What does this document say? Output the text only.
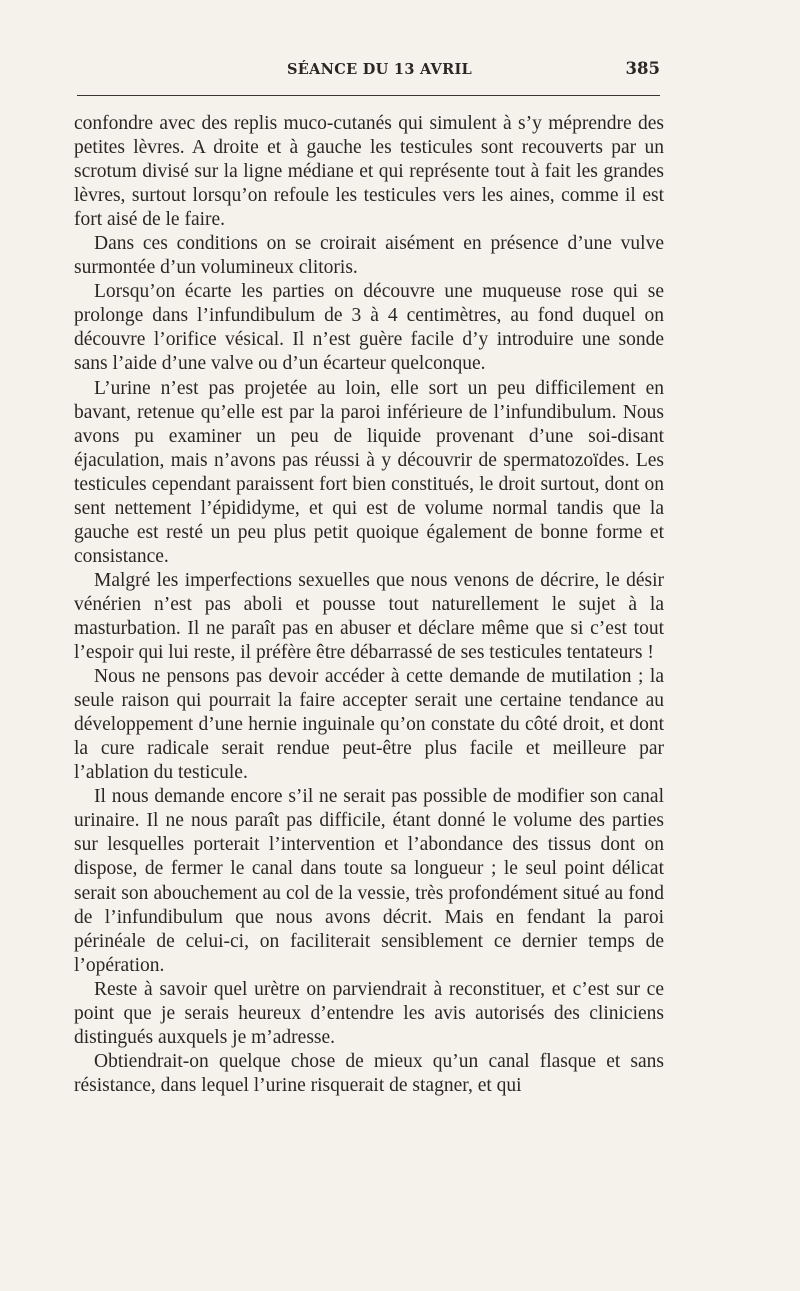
SÉANCE DU 13 AVRIL	385

confondre avec des replis muco-cutanés qui simulent à s’y méprendre des petites lèvres. A droite et à gauche les testicules sont recouverts par un scrotum divisé sur la ligne médiane et qui représente tout à fait les grandes lèvres, surtout lorsqu’on refoule les testicules vers les aines, comme il est fort aisé de le faire.

Dans ces conditions on se croirait aisément en présence d’une vulve surmontée d’un volumineux clitoris.

Lorsqu’on écarte les parties on découvre une muqueuse rose qui se prolonge dans l’infundibulum de 3 à 4 centimètres, au fond duquel on découvre l’orifice vésical. Il n’est guère facile d’y introduire une sonde sans l’aide d’une valve ou d’un écarteur quelconque.

L’urine n’est pas projetée au loin, elle sort un peu difficilement en bavant, retenue qu’elle est par la paroi inférieure de l’infundibulum. Nous avons pu examiner un peu de liquide provenant d’une soi-disant éjaculation, mais n’avons pas réussi à y découvrir de spermatozoïdes. Les testicules cependant paraissent fort bien constitués, le droit surtout, dont on sent nettement l’épididyme, et qui est de volume normal tandis que la gauche est resté un peu plus petit quoique également de bonne forme et consistance.

Malgré les imperfections sexuelles que nous venons de décrire, le désir vénérien n’est pas aboli et pousse tout naturellement le sujet à la masturbation. Il ne paraît pas en abuser et déclare même que si c’est tout l’espoir qui lui reste, il préfère être débarrassé de ses testicules tentateurs !

Nous ne pensons pas devoir accéder à cette demande de mutilation ; la seule raison qui pourrait la faire accepter serait une certaine tendance au développement d’une hernie inguinale qu’on constate du côté droit, et dont la cure radicale serait rendue peut-être plus facile et meilleure par l’ablation du testicule.

Il nous demande encore s’il ne serait pas possible de modifier son canal urinaire. Il ne nous paraît pas difficile, étant donné le volume des parties sur lesquelles porterait l’intervention et l’abondance des tissus dont on dispose, de fermer le canal dans toute sa longueur ; le seul point délicat serait son abouchement au col de la vessie, très profondément situé au fond de l’infundibulum que nous avons décrit. Mais en fendant la paroi périnéale de celui-ci, on faciliterait sensiblement ce dernier temps de l’opération.

Reste à savoir quel urètre on parviendrait à reconstituer, et c’est sur ce point que je serais heureux d’entendre les avis autorisés des cliniciens distingués auxquels je m’adresse.

Obtiendrait-on quelque chose de mieux qu’un canal flasque et sans résistance, dans lequel l’urine risquerait de stagner, et qui
